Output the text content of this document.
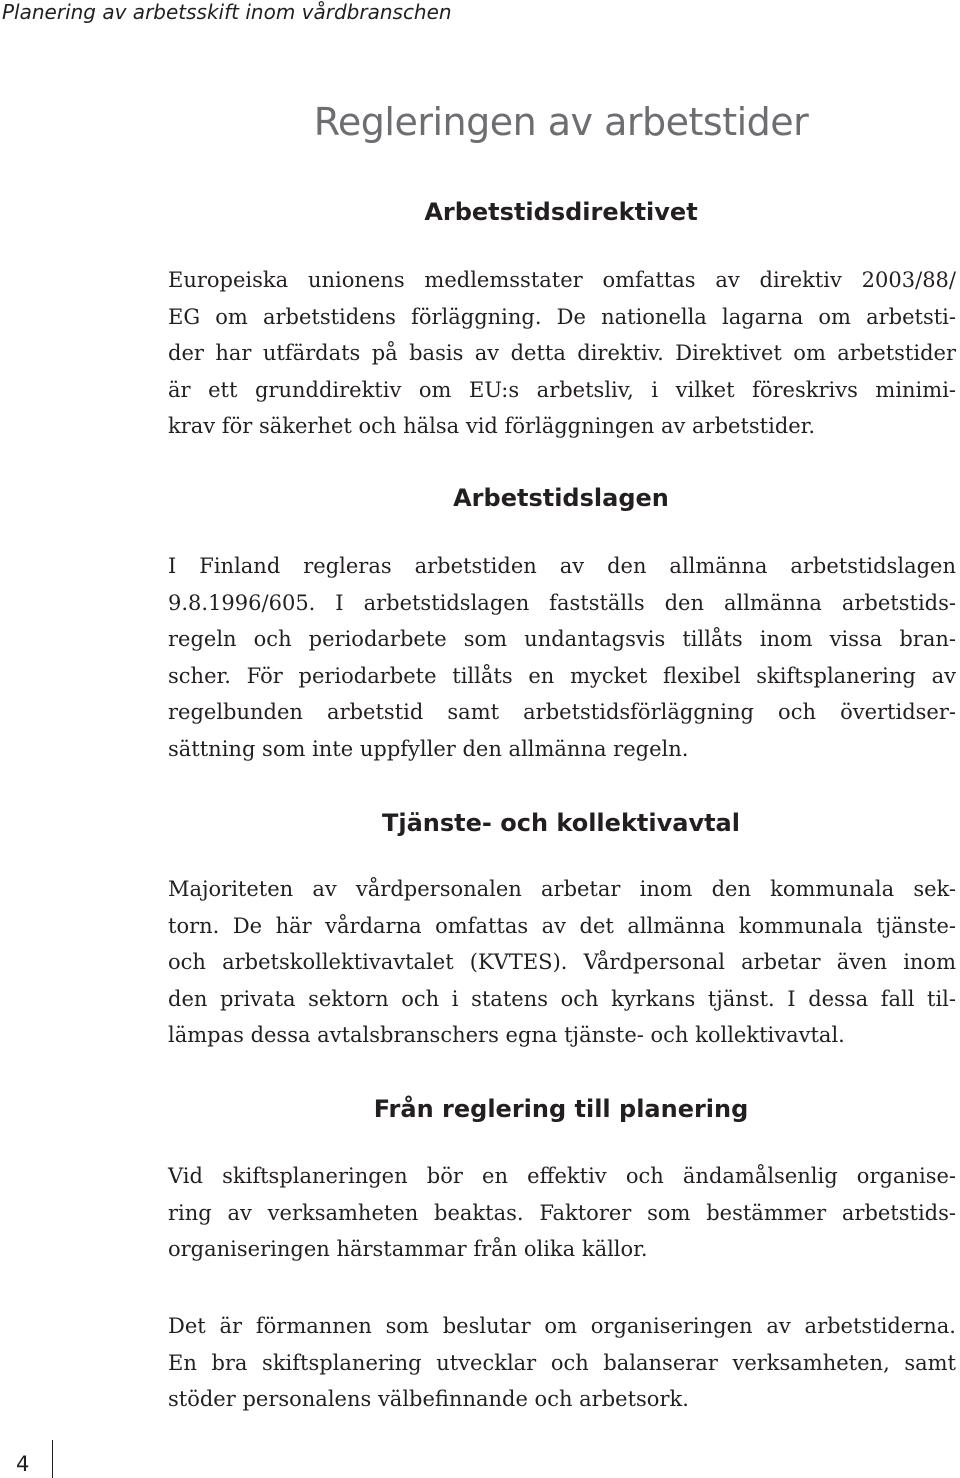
Planering av arbetsskift inom vårdbranschen
Regleringen av arbetstider
Arbetstidsdirektivet
Europeiska unionens medlemsstater omfattas av direktiv 2003/88/
EG om arbetstidens förläggning. De nationella lagarna om arbetsti-
der har utfärdats på basis av detta direktiv. Direktivet om arbetstider
är ett grunddirektiv om EU:s arbetsliv, i vilket föreskrivs minimi-
krav för säkerhet och hälsa vid förläggningen av arbetstider.
Arbetstidslagen
I Finland regleras arbetstiden av den allmänna arbetstidslagen
9.8.1996/605. I arbetstidslagen fastställs den allmänna arbetstids-
regeln och periodarbete som undantagsvis tillåts inom vissa bran-
scher. För periodarbete tillåts en mycket flexibel skiftsplanering av
regelbunden arbetstid samt arbetstidsförläggning och övertidser-
sättning som inte uppfyller den allmänna regeln.
Tjänste- och kollektivavtal
Majoriteten av vårdpersonalen arbetar inom den kommunala sek-
torn. De här vårdarna omfattas av det allmänna kommunala tjänste-
och arbetskollektivavtalet (KVTES). Vårdpersonal arbetar även inom
den privata sektorn och i statens och kyrkans tjänst. I dessa fall til-
lämpas dessa avtalsbranschers egna tjänste- och kollektivavtal.
Från reglering till planering
Vid skiftsplaneringen bör en effektiv och ändamålsenlig organise-
ring av verksamheten beaktas. Faktorer som bestämmer arbetstids-
organiseringen härstammar från olika källor.
Det är förmannen som beslutar om organiseringen av arbetstiderna.
En bra skiftsplanering utvecklar och balanserar verksamheten, samt
stöder personalens välbefinnande och arbetsork.
4
